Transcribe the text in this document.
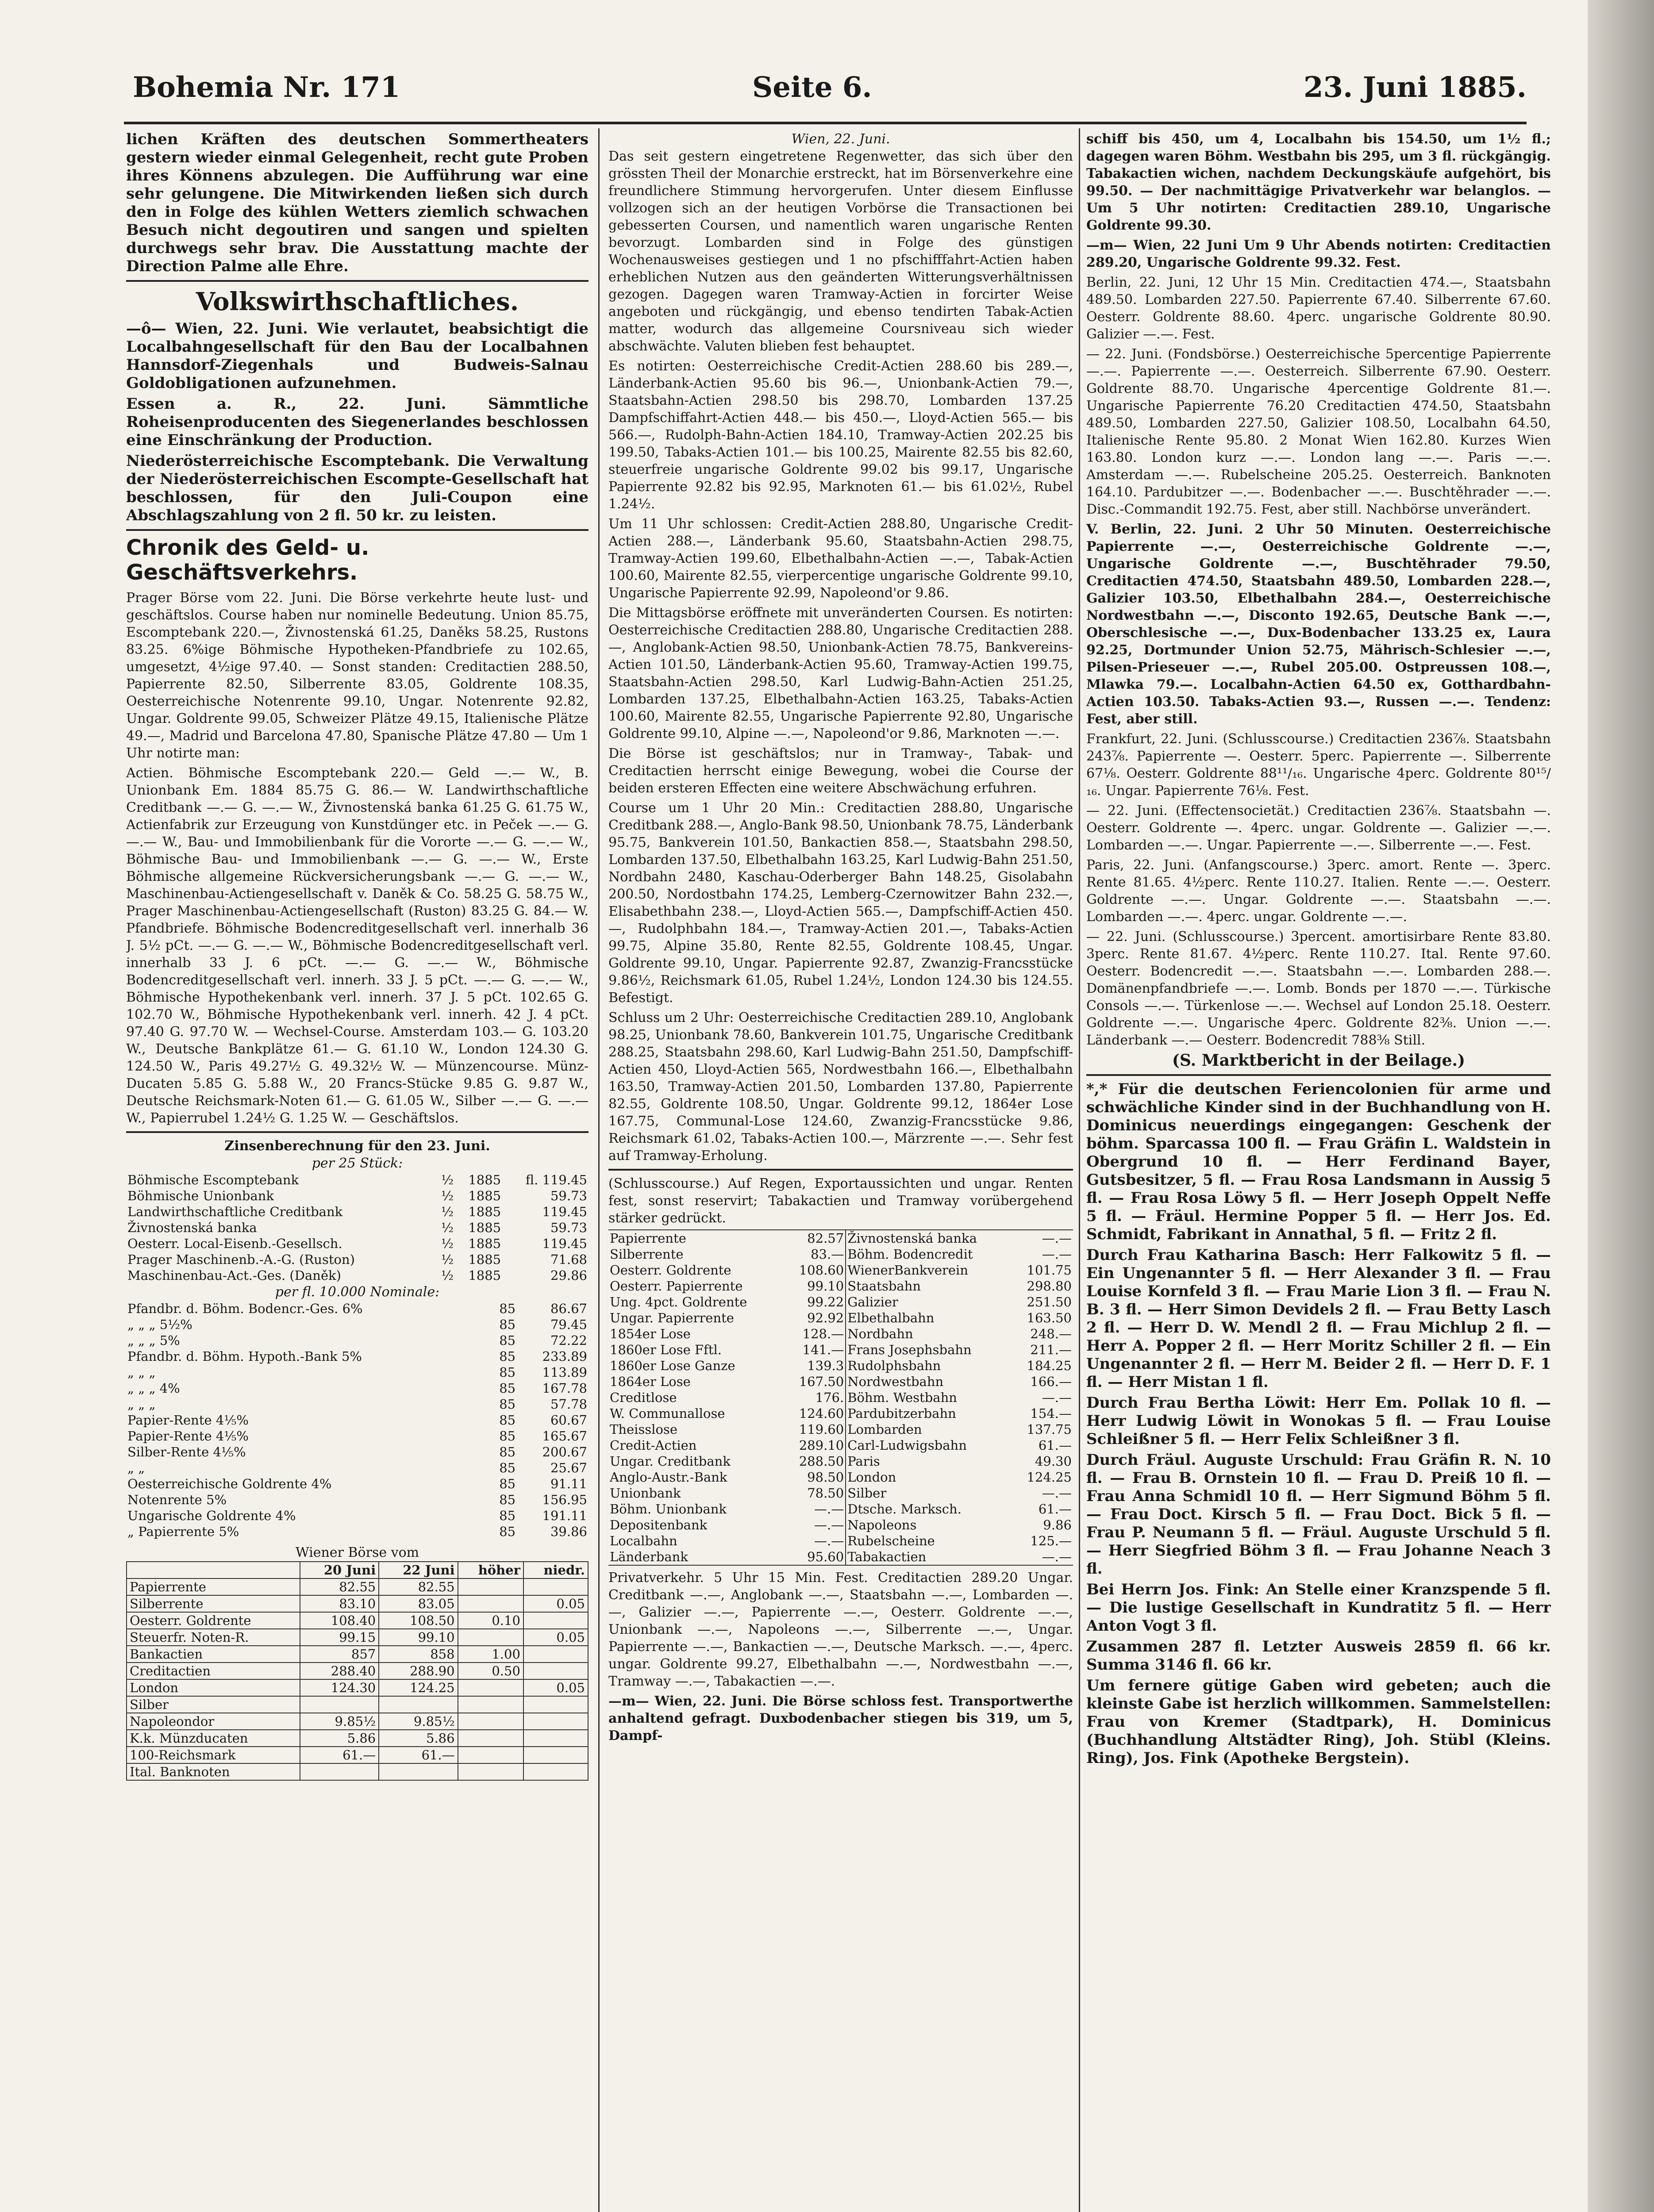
Bohemia Nr. 171	Seite 6.	23. Juni 1885.

lichen Kräften des deutschen Sommertheaters gestern wieder einmal Gelegenheit, recht gute Proben ihres Könnens abzulegen. Die Aufführung war eine sehr gelungene. Die Mitwirkenden ließen sich durch den in Folge des kühlen Wetters ziemlich schwachen Besuch nicht degoutiren und sangen und spielten durchwegs sehr brav. Die Ausstattung machte der Direction Palme alle Ehre.

Volkswirthschaftliches.

—ô— Wien, 22. Juni. Wie verlautet, beabsichtigt die Localbahngesellschaft für den Bau der Localbahnen Hannsdorf-Ziegenhals und Budweis-Salnau Goldobligationen aufzunehmen.

Essen a. R., 22. Juni. Sämmtliche Roheisenproducenten des Siegenerlandes beschlossen eine Einschränkung der Production.

Niederösterreichische Escomptebank. Die Verwaltung der Niederösterreichischen Escompte-Gesellschaft hat beschlossen, für den Juli-Coupon eine Abschlagszahlung von 2 fl. 50 kr. zu leisten.

Chronik des Geld- u. Geschäftsverkehrs.

Prager Börse vom 22. Juni. Die Börse verkehrte heute lust- und geschäftslos. Course haben nur nominelle Bedeutung. Union 85.75, Escomptebank 220.—, Živnostenská 61.25, Daněks 58.25, Rustons 83.25. 6%ige Böhmische Hypotheken-Pfandbriefe zu 102.65, umgesetzt, 4½ige 97.40. — Sonst standen: Creditactien 288.50, Papierrente 82.50, Silberrente 83.05, Goldrente 108.35, Oesterreichische Notenrente 99.10, Ungar. Notenrente 92.82, Ungar. Goldrente 99.05, Schweizer Plätze 49.15, Italienische Plätze 49.—, Madrid und Barcelona 47.80, Spanische Plätze 47.80 — Um 1 Uhr notirte man:

Actien. Böhmische Escomptebank 220.— Geld —.— W., B. Unionbank Em. 1884 85.75 G. 86.— W. Landwirthschaftliche Creditbank —.— G. —.— W., Živnostenská banka 61.25 G. 61.75 W., Actienfabrik zur Erzeugung von Kunstdünger etc. in Peček —.— G. —.— W., Bau- und Immobilienbank für die Vororte —.— G. —.— W., Böhmische Bau- und Immobilienbank —.— G. —.— W., Erste Böhmische allgemeine Rückversicherungsbank —.— G. —.— W., Maschinenbau-Actiengesellschaft v. Daněk & Co. 58.25 G. 58.75 W., Prager Maschinenbau-Actiengesellschaft (Ruston) 83.25 G. 84.— W. Pfandbriefe. Böhmische Bodencreditgesellschaft verl. innerhalb 36 J. 5½ pCt. —.— G. —.— W., Böhmische Bodencreditgesellschaft verl. innerhalb 33 J. 6 pCt. —.— G. —.— W., Böhmische Bodencreditgesellschaft verl. innerh. 33 J. 5 pCt. —.— G. —.— W., Böhmische Hypothekenbank verl. innerh. 37 J. 5 pCt. 102.65 G. 102.70 W., Böhmische Hypothekenbank verl. innerh. 42 J. 4 pCt. 97.40 G. 97.70 W. — Wechsel-Course. Amsterdam 103.— G. 103.20 W., Deutsche Bankplätze 61.— G. 61.10 W., London 124.30 G. 124.50 W., Paris 49.27½ G. 49.32½ W. — Münzencourse. Münz-Ducaten 5.85 G. 5.88 W., 20 Francs-Stücke 9.85 G. 9.87 W., Deutsche Reichsmark-Noten 61.— G. 61.05 W., Silber —.— G. —.— W., Papierrubel 1.24½ G. 1.25 W. — Geschäftslos.

Zinsenberechnung für den 23. Juni.
per 25 Stück:
Böhmische Escomptebank	½	1885	fl. 119.45
Böhmische Unionbank	½	1885	59.73
Landwirthschaftliche Creditbank	½	1885	119.45
Živnostenská banka	½	1885	59.73
Oesterr. Local-Eisenb.-Gesellsch.	½	1885	119.45
Prager Maschinenb.-A.-G. (Ruston)	½	1885	71.68
Maschinenbau-Act.-Ges. (Daněk)	½	1885	29.86
per fl. 10.000 Nominale:
Pfandbr. d. Böhm. Bodencr.-Ges. 6%		85	86.67
„ „ „ 5½%		85	79.45
„ „ „ 5%		85	72.22
Pfandbr. d. Böhm. Hypoth.-Bank 5%		85	233.89
„ „ „		85	113.89
„ „ „ 4%		85	167.78
„ „ „		85	57.78
Papier-Rente 4⅕%		85	60.67
Papier-Rente 4⅕%		85	165.67
Silber-Rente 4⅕%		85	200.67
„ „		85	25.67
Oesterreichische Goldrente 4%		85	91.11
Notenrente 5%		85	156.95
Ungarische Goldrente 4%		85	191.11
„ Papierrente 5%		85	39.86
Wiener Börse vom
	20 Juni	22 Juni	höher	niedr.
Papierrente	82.55	82.55		
Silberrente	83.10	83.05		0.05
Oesterr. Goldrente	108.40	108.50	0.10	
Steuerfr. Noten-R.	99.15	99.10		0.05
Bankactien	857	858	1.00	
Creditactien	288.40	288.90	0.50	
London	124.30	124.25		0.05
Silber				
Napoleondor	9.85½	9.85½		
K.k. Münzducaten	5.86	5.86		
100-Reichsmark	61.—	61.—		
Ital. Banknoten				
Wien, 22. Juni.

Das seit gestern eingetretene Regenwetter, das sich über den grössten Theil der Monarchie erstreckt, hat im Börsenverkehre eine freundlichere Stimmung hervorgerufen. Unter diesem Einflusse vollzogen sich an der heutigen Vorbörse die Transactionen bei gebesserten Coursen, und namentlich waren ungarische Renten bevorzugt. Lombarden sind in Folge des günstigen Wochenausweises gestiegen und 1 no pfschifffahrt-Actien haben erheblichen Nutzen aus den geänderten Witterungsverhältnissen gezogen. Dagegen waren Tramway-Actien in forcirter Weise angeboten und rückgängig, und ebenso tendirten Tabak-Actien matter, wodurch das allgemeine Coursniveau sich wieder abschwächte. Valuten blieben fest behauptet.

Es notirten: Oesterreichische Credit-Actien 288.60 bis 289.—, Länderbank-Actien 95.60 bis 96.—, Unionbank-Actien 79.—, Staatsbahn-Actien 298.50 bis 298.70, Lombarden 137.25 Dampfschiffahrt-Actien 448.— bis 450.—, Lloyd-Actien 565.— bis 566.—, Rudolph-Bahn-Actien 184.10, Tramway-Actien 202.25 bis 199.50, Tabaks-Actien 101.— bis 100.25, Mairente 82.55 bis 82.60, steuerfreie ungarische Goldrente 99.02 bis 99.17, Ungarische Papierrente 92.82 bis 92.95, Marknoten 61.— bis 61.02½, Rubel 1.24½.

Um 11 Uhr schlossen: Credit-Actien 288.80, Ungarische Credit-Actien 288.—, Länderbank 95.60, Staatsbahn-Actien 298.75, Tramway-Actien 199.60, Elbethalbahn-Actien —.—, Tabak-Actien 100.60, Mairente 82.55, vierpercentige ungarische Goldrente 99.10, Ungarische Papierrente 92.99, Napoleond'or 9.86.

Die Mittagsbörse eröffnete mit unveränderten Coursen. Es notirten: Oesterreichische Creditactien 288.80, Ungarische Creditactien 288.—, Anglobank-Actien 98.50, Unionbank-Actien 78.75, Bankvereins-Actien 101.50, Länderbank-Actien 95.60, Tramway-Actien 199.75, Staatsbahn-Actien 298.50, Karl Ludwig-Bahn-Actien 251.25, Lombarden 137.25, Elbethalbahn-Actien 163.25, Tabaks-Actien 100.60, Mairente 82.55, Ungarische Papierrente 92.80, Ungarische Goldrente 99.10, Alpine —.—, Napoleond'or 9.86, Marknoten —.—.

Die Börse ist geschäftslos; nur in Tramway-, Tabak- und Creditactien herrscht einige Bewegung, wobei die Course der beiden ersteren Effecten eine weitere Abschwächung erfuhren.

Course um 1 Uhr 20 Min.: Creditactien 288.80, Ungarische Creditbank 288.—, Anglo-Bank 98.50, Unionbank 78.75, Länderbank 95.75, Bankverein 101.50, Bankactien 858.—, Staatsbahn 298.50, Lombarden 137.50, Elbethalbahn 163.25, Karl Ludwig-Bahn 251.50, Nordbahn 2480, Kaschau-Oderberger Bahn 148.25, Gisolabahn 200.50, Nordostbahn 174.25, Lemberg-Czernowitzer Bahn 232.—, Elisabethbahn 238.—, Lloyd-Actien 565.—, Dampfschiff-Actien 450.—, Rudolphbahn 184.—, Tramway-Actien 201.—, Tabaks-Actien 99.75, Alpine 35.80, Rente 82.55, Goldrente 108.45, Ungar. Goldrente 99.10, Ungar. Papierrente 92.87, Zwanzig-Francsstücke 9.86½, Reichsmark 61.05, Rubel 1.24½, London 124.30 bis 124.55. Befestigt.

Schluss um 2 Uhr: Oesterreichische Creditactien 289.10, Anglobank 98.25, Unionbank 78.60, Bankverein 101.75, Ungarische Creditbank 288.25, Staatsbahn 298.60, Karl Ludwig-Bahn 251.50, Dampfschiff-Actien 450, Lloyd-Actien 565, Nordwestbahn 166.—, Elbethalbahn 163.50, Tramway-Actien 201.50, Lombarden 137.80, Papierrente 82.55, Goldrente 108.50, Ungar. Goldrente 99.12, 1864er Lose 167.75, Communal-Lose 124.60, Zwanzig-Francsstücke 9.86, Reichsmark 61.02, Tabaks-Actien 100.—, Märzrente —.—. Sehr fest auf Tramway-Erholung.

(Schlusscourse.) Auf Regen, Exportaussichten und ungar. Renten fest, sonst reservirt; Tabakactien und Tramway vorübergehend stärker gedrückt.

Papierrente	82.57	Živnostenská banka	—.—
Silberrente	83.—	Böhm. Bodencredit	—.—
Oesterr. Goldrente	108.60	WienerBankverein	101.75
Oesterr. Papierrente	99.10	Staatsbahn	298.80
Ung. 4pct. Goldrente	99.22	Galizier	251.50
Ungar. Papierrente	92.92	Elbethalbahn	163.50
1854er Lose	128.—	Nordbahn	248.—
1860er Lose Fftl.	141.—	Frans Josephsbahn	211.—
1860er Lose Ganze	139.3	Rudolphsbahn	184.25
1864er Lose	167.50	Nordwestbahn	166.—
Creditlose	176.	Böhm. Westbahn	—.—
W. Communallose	124.60	Pardubitzerbahn	154.—
Theisslose	119.60	Lombarden	137.75
Credit-Actien	289.10	Carl-Ludwigsbahn	61.—
Ungar. Creditbank	288.50	Paris	49.30
Anglo-Austr.-Bank	98.50	London	124.25
Unionbank	78.50	Silber	—.—
Böhm. Unionbank	—.—	Dtsche. Marksch.	61.—
Depositenbank	—.—	Napoleons	9.86
Localbahn	—.—	Rubelscheine	125.—
Länderbank	95.60	Tabakactien	—.—

Privatverkehr. 5 Uhr 15 Min. Fest. Creditactien 289.20 Ungar. Creditbank —.—, Anglobank —.—, Staatsbahn —.—, Lombarden —.—, Galizier —.—, Papierrente —.—, Oesterr. Goldrente —.—, Unionbank —.—, Napoleons —.—, Silberrente —.—, Ungar. Papierrente —.—, Bankactien —.—, Deutsche Marksch. —.—, 4perc. ungar. Goldrente 99.27, Elbethalbahn —.—, Nordwestbahn —.—, Tramway —.—, Tabakactien —.—.

—m— Wien, 22. Juni. Die Börse schloss fest. Transportwerthe anhaltend gefragt. Duxbodenbacher stiegen bis 319, um 5, Dampf-

schiff bis 450, um 4, Localbahn bis 154.50, um 1½ fl.; dagegen waren Böhm. Westbahn bis 295, um 3 fl. rückgängig. Tabakactien wichen, nachdem Deckungskäufe aufgehört, bis 99.50. — Der nachmittägige Privatverkehr war belanglos. — Um 5 Uhr notirten: Creditactien 289.10, Ungarische Goldrente 99.30.

—m— Wien, 22 Juni Um 9 Uhr Abends notirten: Creditactien 289.20, Ungarische Goldrente 99.32. Fest.

Berlin, 22. Juni, 12 Uhr 15 Min. Creditactien 474.—, Staatsbahn 489.50. Lombarden 227.50. Papierrente 67.40. Silberrente 67.60. Oesterr. Goldrente 88.60. 4perc. ungarische Goldrente 80.90. Galizier —.—. Fest.

— 22. Juni. (Fondsbörse.) Oesterreichische 5percentige Papierrente —.—. Papierrente —.—. Oesterreich. Silberrente 67.90. Oesterr. Goldrente 88.70. Ungarische 4percentige Goldrente 81.—. Ungarische Papierrente 76.20 Creditactien 474.50, Staatsbahn 489.50, Lombarden 227.50, Galizier 108.50, Localbahn 64.50, Italienische Rente 95.80. 2 Monat Wien 162.80. Kurzes Wien 163.80. London kurz —.—. London lang —.—. Paris —.—. Amsterdam —.—. Rubelscheine 205.25. Oesterreich. Banknoten 164.10. Pardubitzer —.—. Bodenbacher —.—. Buschtěhrader —.—. Disc.-Commandit 192.75. Fest, aber still. Nachbörse unverändert.

V. Berlin, 22. Juni. 2 Uhr 50 Minuten. Oesterreichische Papierrente —.—, Oesterreichische Goldrente —.—, Ungarische Goldrente —.—, Buschtěhrader 79.50, Creditactien 474.50, Staatsbahn 489.50, Lombarden 228.—, Galizier 103.50, Elbethalbahn 284.—, Oesterreichische Nordwestbahn —.—, Disconto 192.65, Deutsche Bank —.—, Oberschlesische —.—, Dux-Bodenbacher 133.25 ex, Laura 92.25, Dortmunder Union 52.75, Mährisch-Schlesier —.—, Pilsen-Prieseuer —.—, Rubel 205.00. Ostpreussen 108.—, Mlawka 79.—. Localbahn-Actien 64.50 ex, Gotthardbahn-Actien 103.50. Tabaks-Actien 93.—, Russen —.—. Tendenz: Fest, aber still.

Frankfurt, 22. Juni. (Schlusscourse.) Creditactien 236⅞. Staatsbahn 243⅞. Papierrente —. Oesterr. 5perc. Papierrente —. Silberrente 67⅛. Oesterr. Goldrente 88¹¹/₁₆. Ungarische 4perc. Goldrente 80¹⁵/₁₆. Ungar. Papierrente 76⅛. Fest.

— 22. Juni. (Effectensocietät.) Creditactien 236⅞. Staatsbahn —. Oesterr. Goldrente —. 4perc. ungar. Goldrente —. Galizier —.—. Lombarden —.—. Ungar. Papierrente —.—. Silberrente —.—. Fest.

Paris, 22. Juni. (Anfangscourse.) 3perc. amort. Rente —. 3perc. Rente 81.65. 4½perc. Rente 110.27. Italien. Rente —.—. Oesterr. Goldrente —.—. Ungar. Goldrente —.—. Staatsbahn —.—. Lombarden —.—. 4perc. ungar. Goldrente —.—.

— 22. Juni. (Schlusscourse.) 3percent. amortisirbare Rente 83.80. 3perc. Rente 81.67. 4½perc. Rente 110.27. Ital. Rente 97.60. Oesterr. Bodencredit —.—. Staatsbahn —.—. Lombarden 288.—. Domänenpfandbriefe —.—. Lomb. Bonds per 1870 —.—. Türkische Consols —.—. Türkenlose —.—. Wechsel auf London 25.18. Oesterr. Goldrente —.—. Ungarische 4perc. Goldrente 82⅜. Union —.—. Länderbank —.— Oesterr. Bodencredit 788⅜ Still.

(S. Marktbericht in der Beilage.)

*,* Für die deutschen Feriencolonien für arme und schwächliche Kinder sind in der Buchhandlung von H. Dominicus neuerdings eingegangen: Geschenk der böhm. Sparcassa 100 fl. — Frau Gräfin L. Waldstein in Obergrund 10 fl. — Herr Ferdinand Bayer, Gutsbesitzer, 5 fl. — Frau Rosa Landsmann in Aussig 5 fl. — Frau Rosa Löwy 5 fl. — Herr Joseph Oppelt Neffe 5 fl. — Fräul. Hermine Popper 5 fl. — Herr Jos. Ed. Schmidt, Fabrikant in Annathal, 5 fl. — Fritz 2 fl.

Durch Frau Katharina Basch: Herr Falkowitz 5 fl. — Ein Ungenannter 5 fl. — Herr Alexander 3 fl. — Frau Louise Kornfeld 3 fl. — Frau Marie Lion 3 fl. — Frau N. B. 3 fl. — Herr Simon Devidels 2 fl. — Frau Betty Lasch 2 fl. — Herr D. W. Mendl 2 fl. — Frau Michlup 2 fl. — Herr A. Popper 2 fl. — Herr Moritz Schiller 2 fl. — Ein Ungenannter 2 fl. — Herr M. Beider 2 fl. — Herr D. F. 1 fl. — Herr Mistan 1 fl.

Durch Frau Bertha Löwit: Herr Em. Pollak 10 fl. — Herr Ludwig Löwit in Wonokas 5 fl. — Frau Louise Schleißner 5 fl. — Herr Felix Schleißner 3 fl.

Durch Fräul. Auguste Urschuld: Frau Gräfin R. N. 10 fl. — Frau B. Ornstein 10 fl. — Frau D. Preiß 10 fl. — Frau Anna Schmidl 10 fl. — Herr Sigmund Böhm 5 fl. — Frau Doct. Kirsch 5 fl. — Frau Doct. Bick 5 fl. — Frau P. Neumann 5 fl. — Fräul. Auguste Urschuld 5 fl. — Herr Siegfried Böhm 3 fl. — Frau Johanne Neach 3 fl.

Bei Herrn Jos. Fink: An Stelle einer Kranzspende 5 fl. — Die lustige Gesellschaft in Kundratitz 5 fl. — Herr Anton Vogt 3 fl.

Zusammen 287 fl. Letzter Ausweis 2859 fl. 66 kr. Summa 3146 fl. 66 kr.

Um fernere gütige Gaben wird gebeten; auch die kleinste Gabe ist herzlich willkommen. Sammelstellen: Frau von Kremer (Stadtpark), H. Dominicus (Buchhandlung Altstädter Ring), Joh. Stübl (Kleins. Ring), Jos. Fink (Apotheke Bergstein).
